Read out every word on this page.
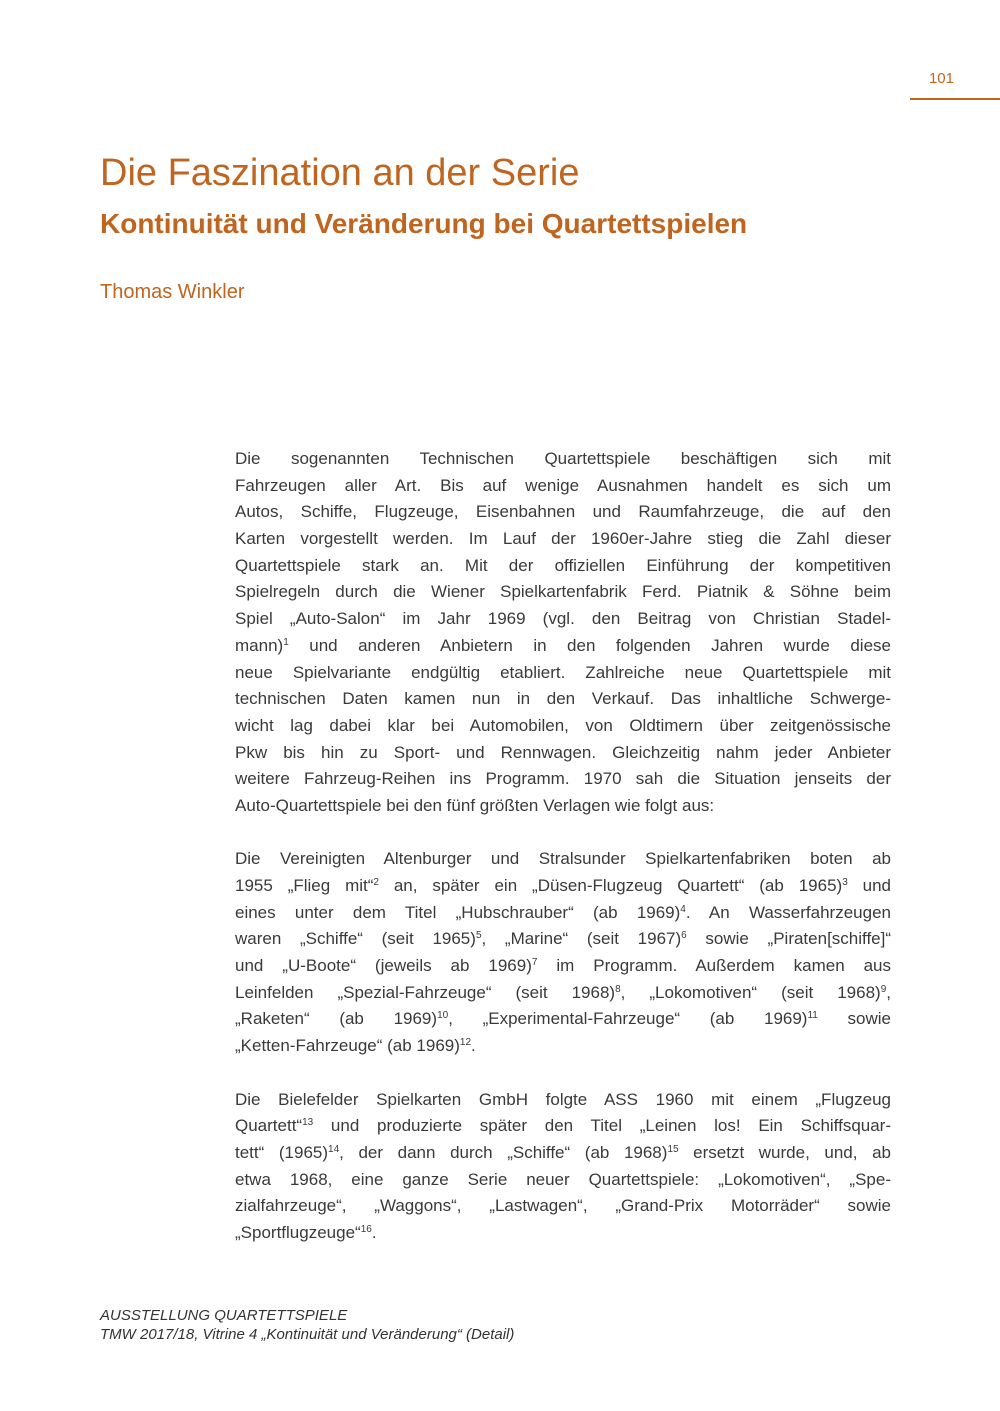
101
Die Faszination an der Serie
Kontinuität und Veränderung bei Quartettspielen
Thomas Winkler
Die sogenannten Technischen Quartettspiele beschäftigen sich mit
Fahrzeugen aller Art. Bis auf wenige Ausnahmen handelt es sich um
Autos, Schiffe, Flugzeuge, Eisenbahnen und Raumfahrzeuge, die auf den
Karten vorgestellt werden. Im Lauf der 1960er-Jahre stieg die Zahl dieser
Quartettspiele stark an. Mit der offiziellen Einführung der kompetitiven
Spielregeln durch die Wiener Spielkartenfabrik Ferd. Piatnik & Söhne beim
Spiel „Auto-Salon“ im Jahr 1969 (vgl. den Beitrag von Christian Stadel-
mann)$^1$ und anderen Anbietern in den folgenden Jahren wurde diese
neue Spielvariante endgültig etabliert. Zahlreiche neue Quartettspiele mit
technischen Daten kamen nun in den Verkauf. Das inhaltliche Schwerge-
wicht lag dabei klar bei Automobilen, von Oldtimern über zeitgenössische
Pkw bis hin zu Sport- und Rennwagen. Gleichzeitig nahm jeder Anbieter
weitere Fahrzeug-Reihen ins Programm. 1970 sah die Situation jenseits der
Auto-Quartettspiele bei den fünf größten Verlagen wie folgt aus:
Die Vereinigten Altenburger und Stralsunder Spielkartenfabriken boten ab
1955 „Flieg mit“$^2$ an, später ein „Düsen-Flugzeug Quartett“ (ab 1965)$^3$ und
eines unter dem Titel „Hubschrauber“ (ab 1969)$^4$. An Wasserfahrzeugen
waren „Schiffe“ (seit 1965)$^5$, „Marine“ (seit 1967)$^6$ sowie „Piraten[schiffe]“
und „U-Boote“ (jeweils ab 1969)$^7$ im Programm. Außerdem kamen aus
Leinfelden „Spezial-Fahrzeuge“ (seit 1968)$^8$, „Lokomotiven“ (seit 1968)$^9$,
„Raketen“ (ab 1969)$^{10}$, „Experimental-Fahrzeuge“ (ab 1969)$^{11}$ sowie
„Ketten-Fahrzeuge“ (ab 1969)$^{12}$.
Die Bielefelder Spielkarten GmbH folgte ASS 1960 mit einem „Flugzeug
Quartett“$^{13}$ und produzierte später den Titel „Leinen los! Ein Schiffsquar-
tett“ $(1965)^{14}$, der dann durch „Schiffe“ (ab 1968)$^{15}$ ersetzt wurde, und, ab
etwa 1968, eine ganze Serie neuer Quartettspiele: „Lokomotiven“, „Spe-
zialfahrzeuge“, „Waggons“, „Lastwagen“, „Grand-Prix Motorräder“ sowie
„Sportflugzeuge“$^{16}$.
AUSSTELLUNG QUARTETTSPIELE
TMW 2017/18, Vitrine 4 „Kontinuität und Veränderung“ (Detail)
